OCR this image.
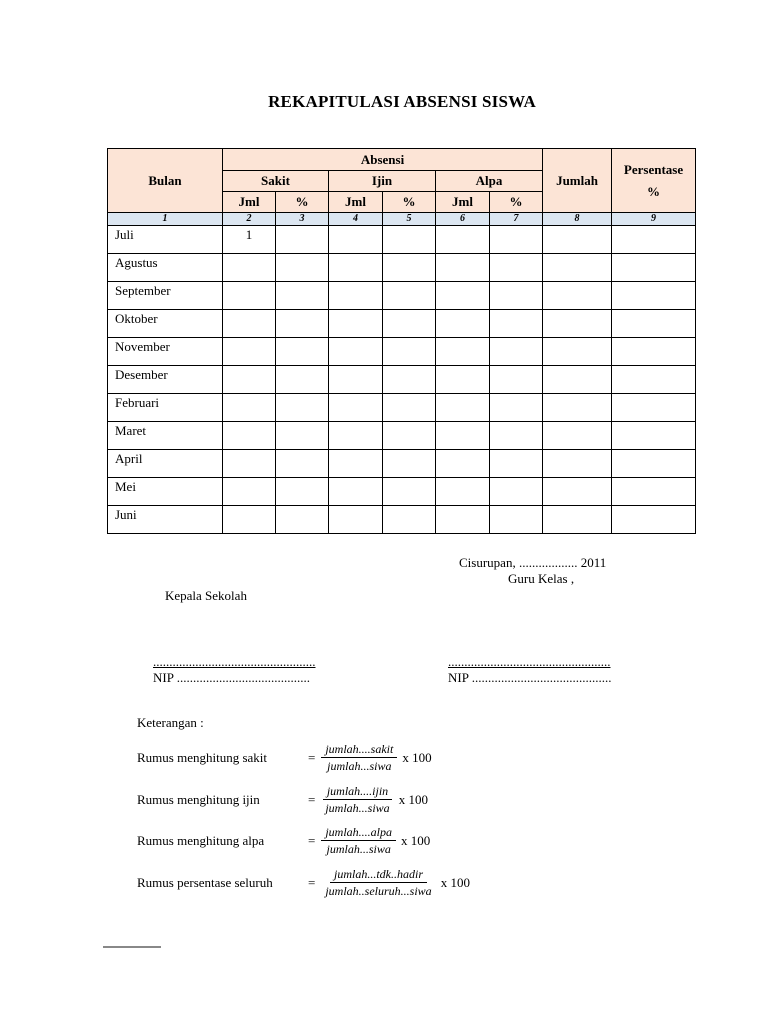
REKAPITULASI ABSENSI SISWA
Bulan	Absensi						Jumlah	Persentase
%

	Sakit		Ijin		Alpa			
	Jml	%	Jml	%	Jml	%		
1	2	3	4	5	6	7	8	9
Juli	1							
Agustus								
September								
Oktober								
November								
Desember								
Februari								
Maret								
April								
Mei								
Juni								
Cisurupan, .................. 2011
Guru Kelas ,
Kepala Sekolah
..................................................	..................................................
NIP .........................................	NIP ...........................................
Keterangan :
Rumus menghitung sakit	= $\frac{\text{jumlah....sakit}}{\text{jumlah...siwa}}$ x 100
Rumus menghitung ijin	= $\frac{\text{jumlah....ijin}}{\text{jumlah...siwa}}$ x 100
Rumus menghitung alpa	= $\frac{\text{jumlah....alpa}}{\text{jumlah...siwa}}$ x 100
Rumus persentase seluruh	= $\frac{\text{jumlah...tdk..hadir}}{\text{jumlah..seluruh...siwa}}$ x 100
